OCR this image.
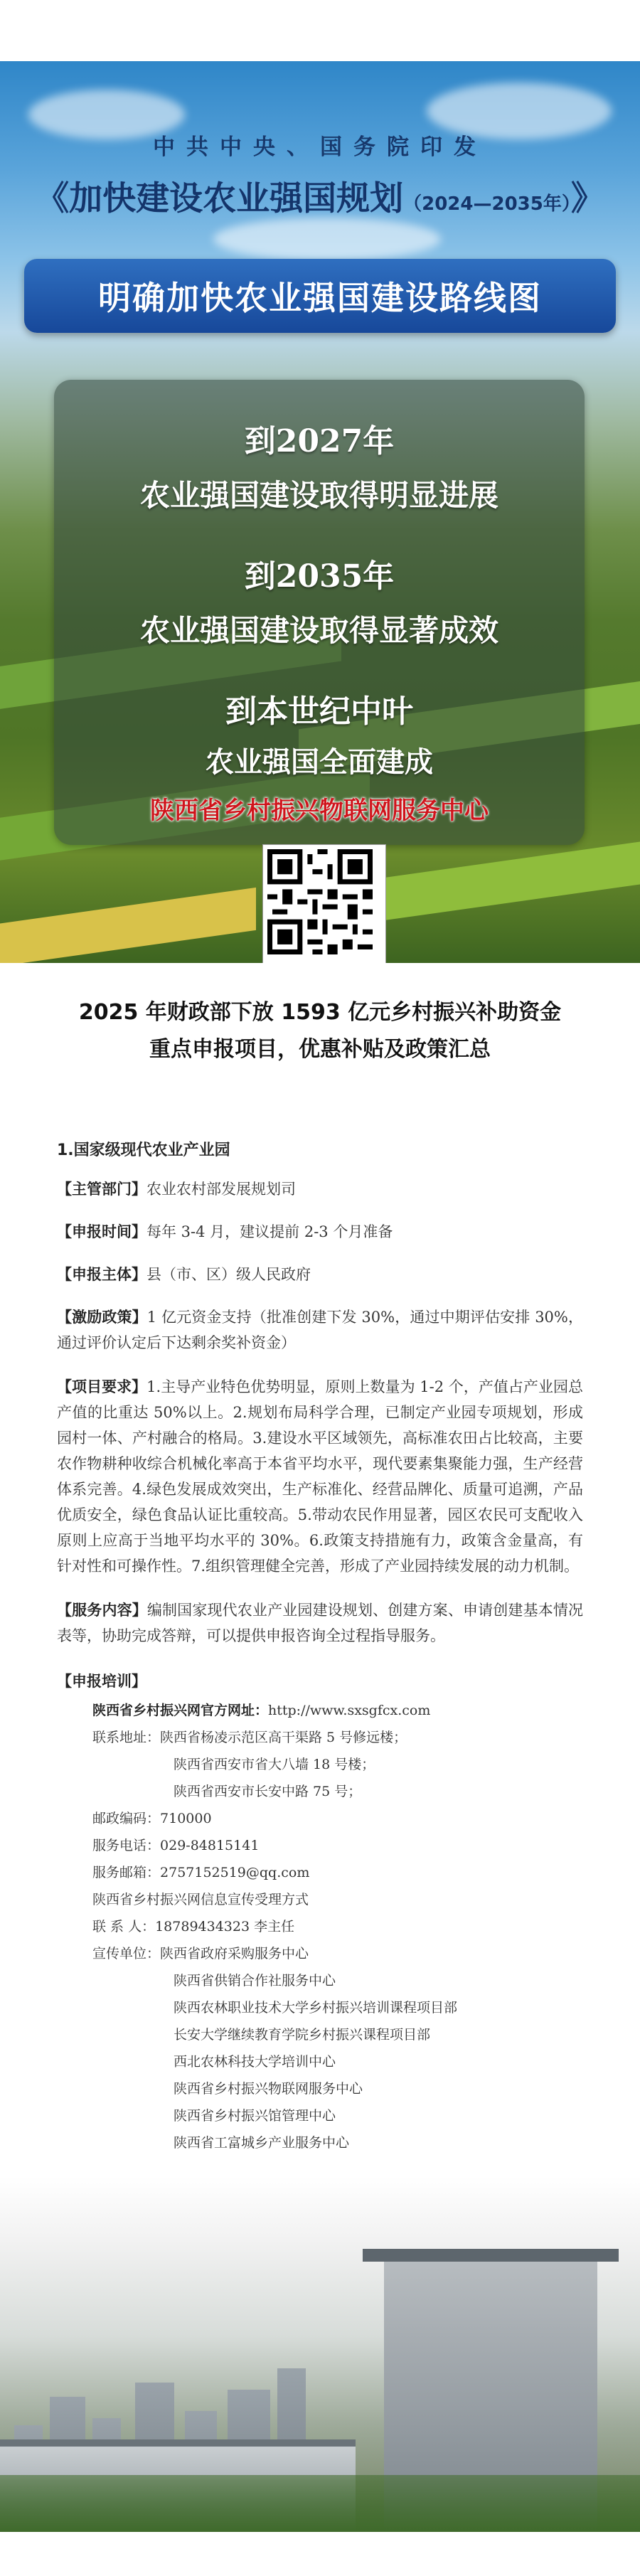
中共中央、国务院印发
《加快建设农业强国规划（2024—2035年）》
明确加快农业强国建设路线图
到2027年
农业强国建设取得明显进展
到2035年
农业强国建设取得显著成效
到本世纪中叶
农业强国全面建成
陕西省乡村振兴物联网服务中心
2025 年财政部下放 1593 亿元乡村振兴补助资金
重点申报项目，优惠补贴及政策汇总
1.国家级现代农业产业园
【主管部门】农业农村部发展规划司
【申报时间】每年 3-4 月，建议提前 2-3 个月准备
【申报主体】县（市、区）级人民政府
【激励政策】1 亿元资金支持（批准创建下发 30%，通过中期评估安排 30%，通过评价认定后下达剩余奖补资金）
【项目要求】1.主导产业特色优势明显，原则上数量为 1-2 个，产值占产业园总产值的比重达 50%以上。2.规划布局科学合理，已制定产业园专项规划，形成园村一体、产村融合的格局。3.建设水平区域领先，高标准农田占比较高，主要农作物耕种收综合机械化率高于本省平均水平，现代要素集聚能力强，生产经营体系完善。4.绿色发展成效突出，生产标准化、经营品牌化、质量可追溯，产品优质安全，绿色食品认证比重较高。5.带动农民作用显著，园区农民可支配收入原则上应高于当地平均水平的 30%。6.政策支持措施有力，政策含金量高，有针对性和可操作性。7.组织管理健全完善，形成了产业园持续发展的动力机制。
【服务内容】编制国家现代农业产业园建设规划、创建方案、申请创建基本情况表等，协助完成答辩，可以提供申报咨询全过程指导服务。
【申报培训】
陕西省乡村振兴网官方网址：http://www.sxsgfcx.com
联系地址：陕西省杨凌示范区高干渠路 5 号修远楼；
陕西省西安市省大八墙 18 号楼；
陕西省西安市长安中路 75 号；
邮政编码：710000
服务电话：029-84815141
服务邮箱：2757152519@qq.com
陕西省乡村振兴网信息宣传受理方式
联 系 人：18789434323 李主任
宣传单位：陕西省政府采购服务中心
陕西省供销合作社服务中心
陕西农林职业技术大学乡村振兴培训课程项目部
长安大学继续教育学院乡村振兴课程项目部
西北农林科技大学培训中心
陕西省乡村振兴物联网服务中心
陕西省乡村振兴馆管理中心
陕西省工富城乡产业服务中心
